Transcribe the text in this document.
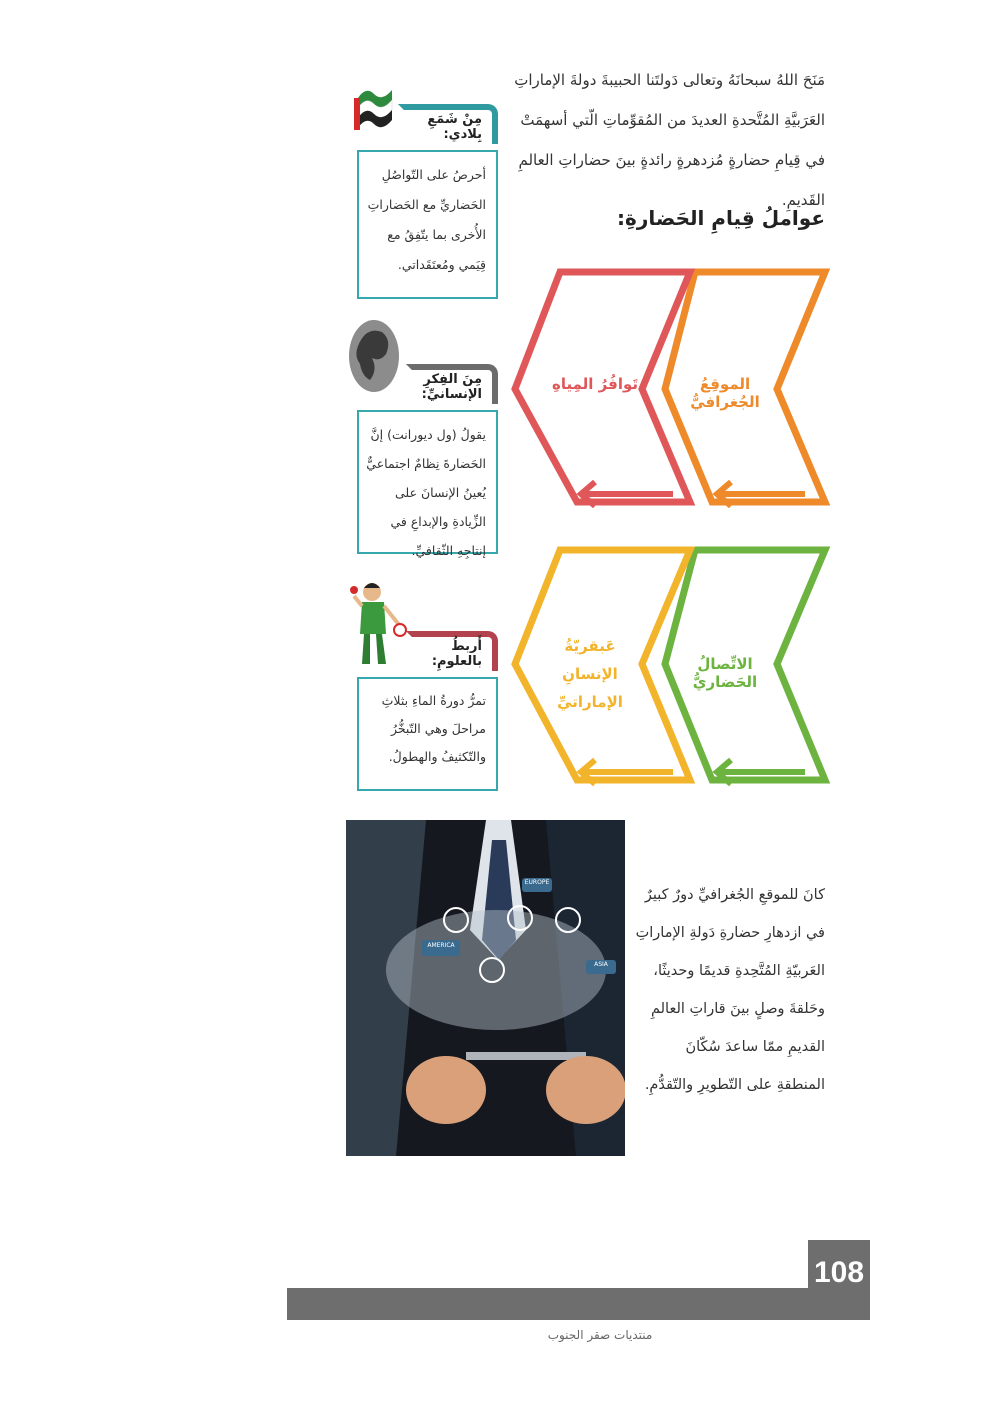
مَنَحَ اللهُ سبحانَهُ وتعالى دَولتَنا الحبيبةَ دولةَ الإماراتِ العَرَبيَّةِ المُتَّحدةِ العديدَ من المُقوِّماتِ الّتي أسهمَتْ في قِيامِ حضارةٍ مُزدهرةٍ رائدةٍ بينَ حضاراتِ العالمِ القَديمِ.
عواملُ قِيامِ الحَضارةِ:
الموقِعُ الجُغرافيُّ
تَوافُرُ المِياهِ
الاتِّصالُ الحَضاريُّ
عَبقريّةُ الإنسانِ الإماراتيِّ
مِنْ شَمَعِ بِلادي:
أحرصُ على التّواصُلِ الحَضاريِّ مع الحَضاراتِ الأُخرى بما يتّفِقُ مع قِيَمي ومُعتَقَداتي.
مِنَ الفِكرِ الإنسانيِّ:
يقولُ (ول ديورانت) إنَّ الحَضارةَ نِظامٌ اجتماعيٌّ يُعينُ الإنسانَ على الزِّيادةِ والإبداعِ في إنتاجِهِ الثّقافيِّ.
أَربطُ بالعلومِ:
تمرُّ دورةُ الماءِ بثلاثِ مراحلَ وهي التّبخُّرُ والتّكثيفُ والهطولُ.
AMERICA
EUROPE
ASIA
كانَ للموقعِ الجُغرافيِّ دورٌ كبيرٌ في ازدهارِ حضارةِ دَولةِ الإماراتِ العَربيّةِ المُتَّحِدةِ قديمًا وحديثًا، وحَلقةَ وصلٍ بينَ قاراتِ العالمِ القديمِ ممّا ساعدَ سُكّانَ المنطقةِ على التّطويرِ والتّقدُّمِ.
108
منتديات صقر الجنوب
